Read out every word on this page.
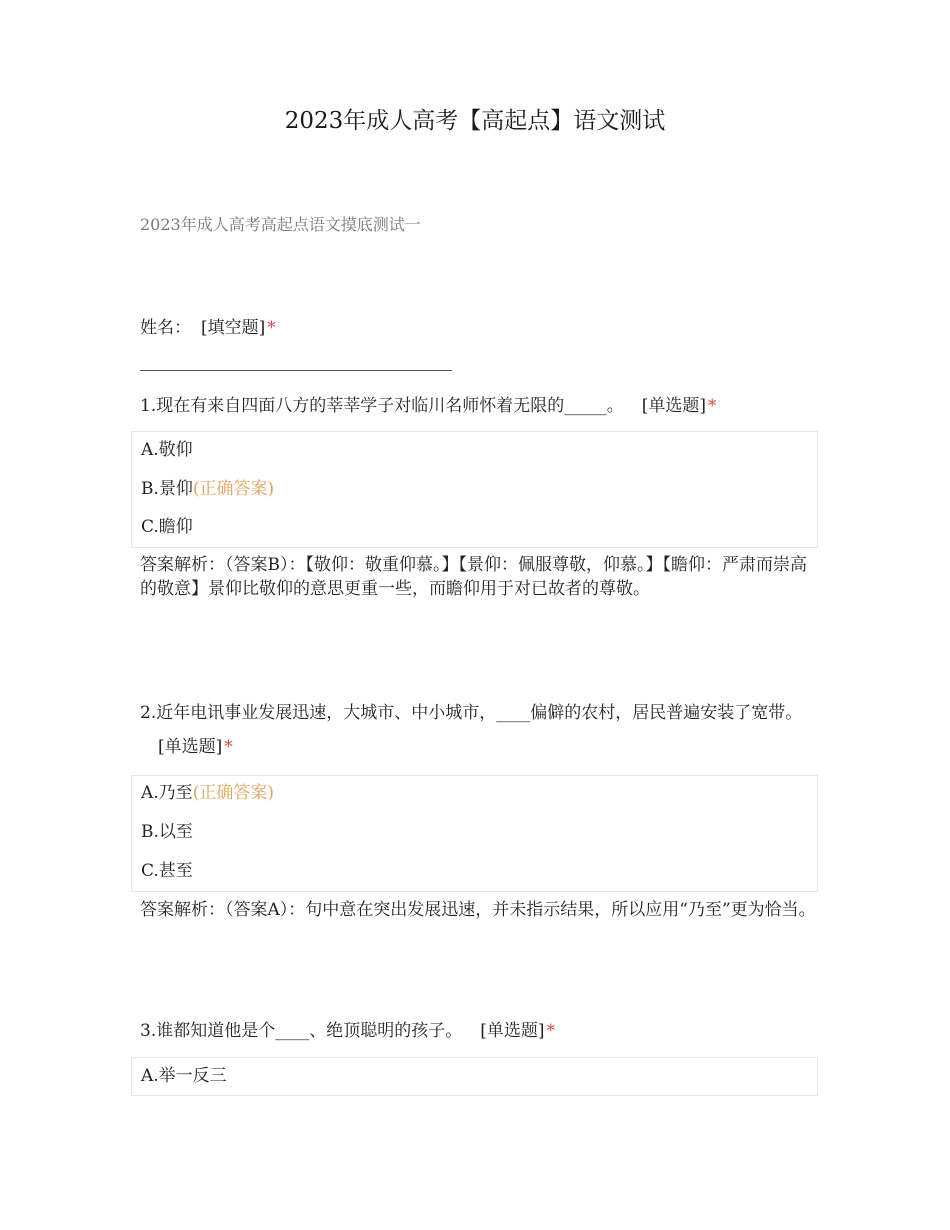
2023年成人高考【高起点】语文测试
2023年成人高考高起点语文摸底测试一
姓名： [填空题] *
1.现在有来自四面八方的莘莘学子对临川名师怀着无限的_____。 [单选题] *
A.敬仰
B.景仰(正确答案)
C.瞻仰
答案解析：（答案B）：【敬仰：敬重仰慕。】【景仰：佩服尊敬，仰慕。】【瞻仰：严肃而崇高的敬意】景仰比敬仰的意思更重一些，而瞻仰用于对已故者的尊敬。
2.近年电讯事业发展迅速，大城市、中小城市，____偏僻的农村，居民普遍安装了宽带。[单选题] *
A.乃至(正确答案)
B.以至
C.甚至
答案解析：（答案A）：句中意在突出发展迅速，并未指示结果，所以应用“乃至”更为恰当。
3.谁都知道他是个____、绝顶聪明的孩子。 [单选题] *
A.举一反三
